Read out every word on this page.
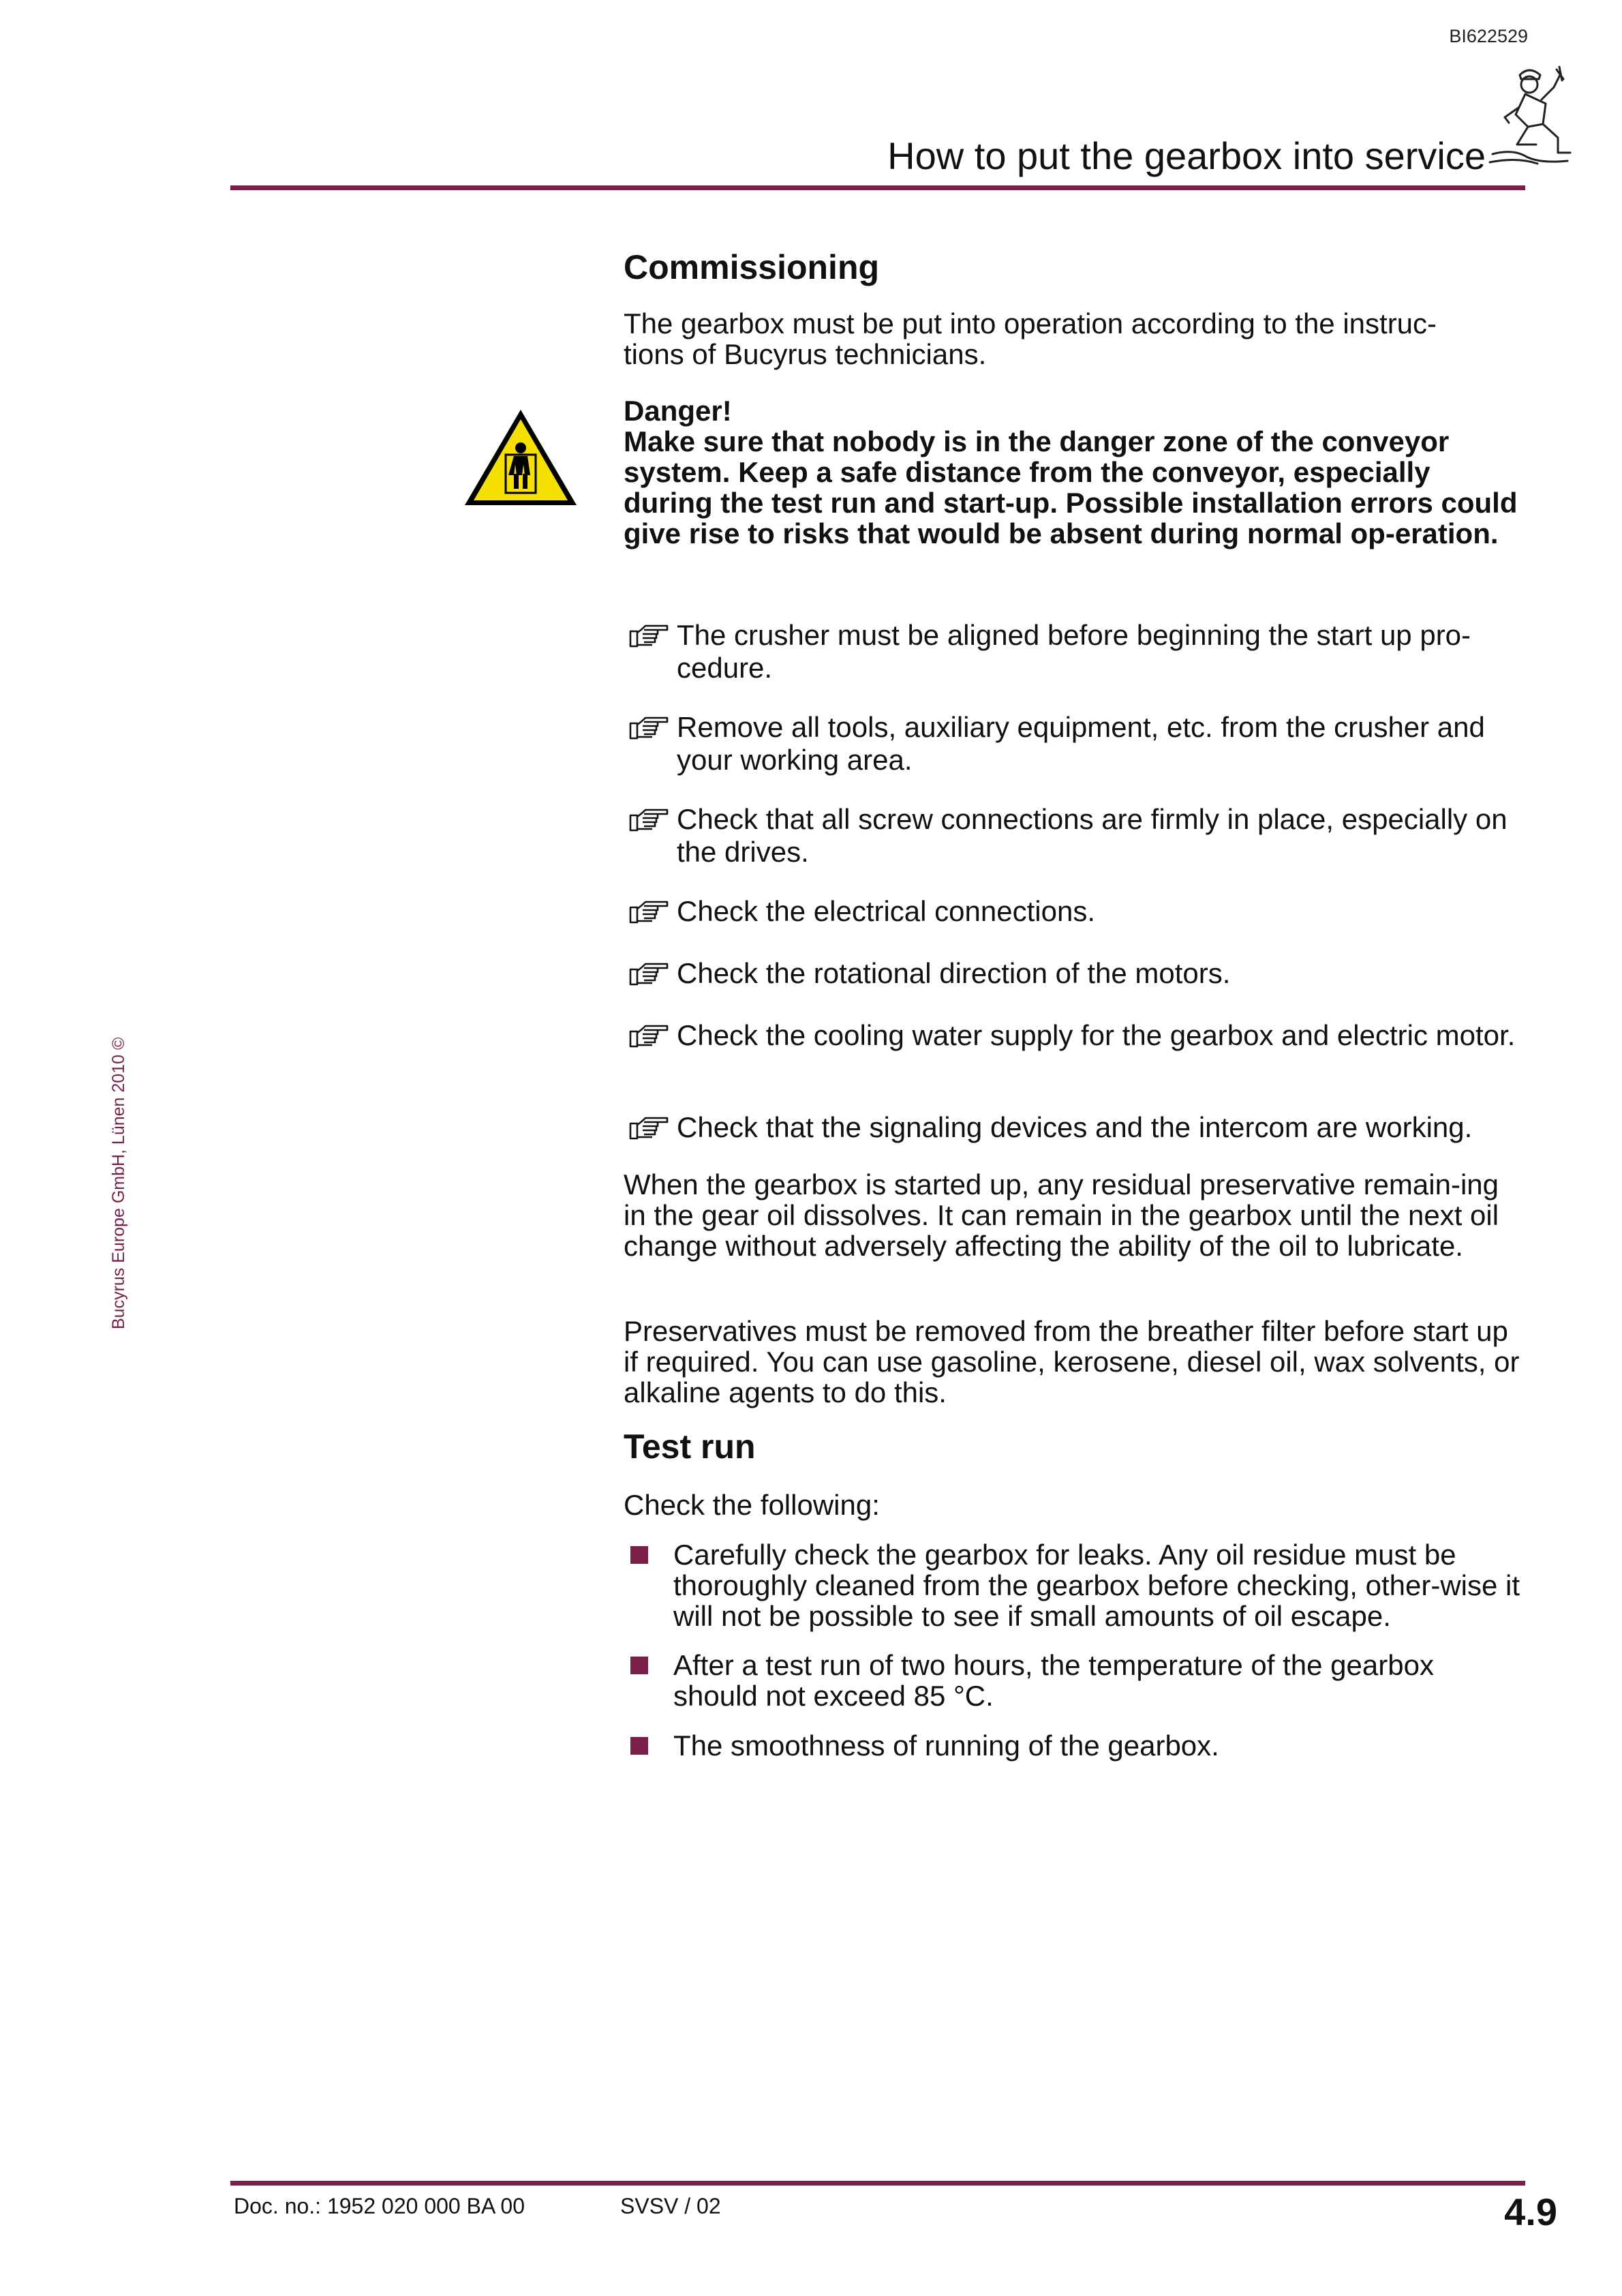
BI622529
How to put the gearbox into service
Bucyrus Europe GmbH, Lünen 2010 ©
Commissioning

The gearbox must be put into operation according to the instruc-tions of Bucyrus technicians.

Danger!
Make sure that nobody is in the danger zone of the conveyor system. Keep a safe distance from the conveyor, especially during the test run and start-up. Possible installation errors could give rise to risks that would be absent during normal op-eration.
The crusher must be aligned before beginning the start up pro-cedure.
Remove all tools, auxiliary equipment, etc. from the crusher and your working area.
Check that all screw connections are firmly in place, especially on the drives.
Check the electrical connections.
Check the rotational direction of the motors.
Check the cooling water supply for the gearbox and electric motor.
Check that the signaling devices and the intercom are working.

When the gearbox is started up, any residual preservative remain-ing in the gear oil dissolves. It can remain in the gearbox until the next oil change without adversely affecting the ability of the oil to lubricate.

Preservatives must be removed from the breather filter before start up if required. You can use gasoline, kerosene, diesel oil, wax solvents, or alkaline agents to do this.

Test run

Check the following:

Carefully check the gearbox for leaks. Any oil residue must be thoroughly cleaned from the gearbox before checking, other-wise it will not be possible to see if small amounts of oil escape.
After a test run of two hours, the temperature of the gearbox should not exceed 85 °C.
The smoothness of running of the gearbox.
Doc. no.: 1952 020 000 BA 00	SVSV / 02	4.9
